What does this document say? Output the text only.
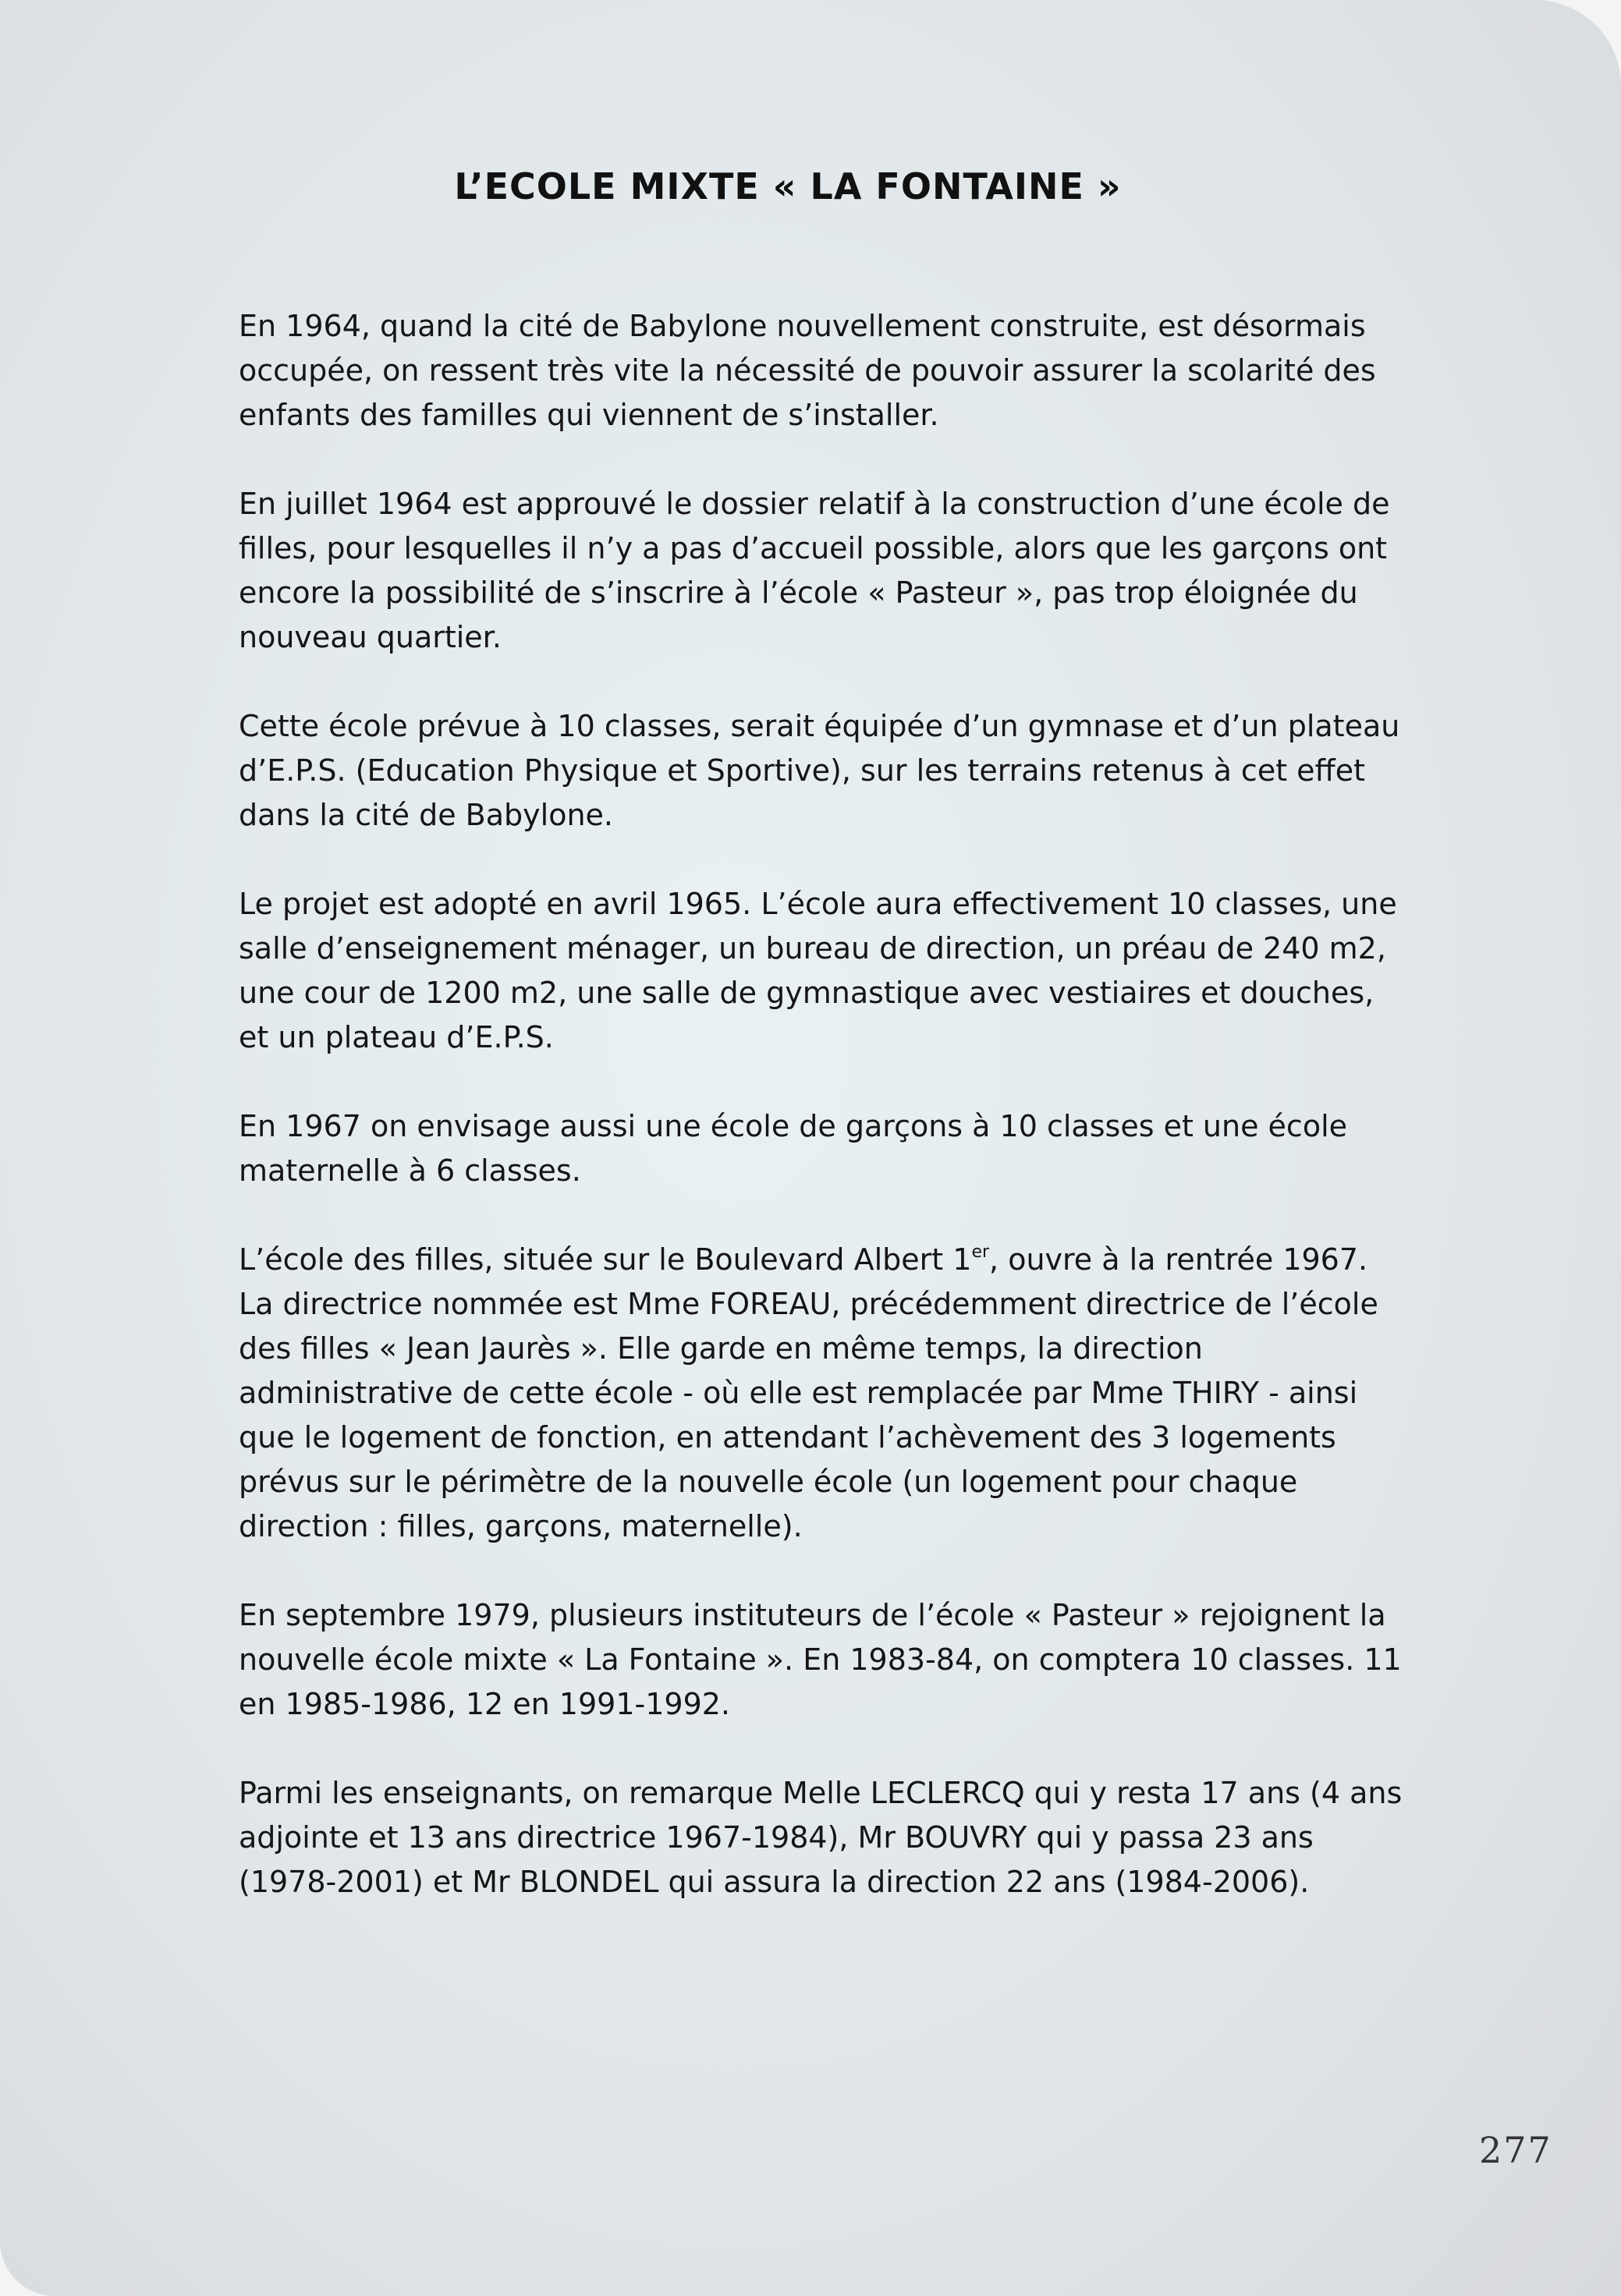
L’ECOLE MIXTE « LA FONTAINE »

En 1964, quand la cité de Babylone nouvellement construite, est désormais occupée, on ressent très vite la nécessité de pouvoir assurer la scolarité des enfants des familles qui viennent de s’installer.

En juillet 1964 est approuvé le dossier relatif à la construction d’une école de filles, pour lesquelles il n’y a pas d’accueil possible, alors que les garçons ont encore la possibilité de s’inscrire à l’école « Pasteur », pas trop éloignée du nouveau quartier.

Cette école prévue à 10 classes, serait équipée d’un gymnase et d’un plateau d’E.P.S. (Education Physique et Sportive), sur les terrains retenus à cet effet dans la cité de Babylone.

Le projet est adopté en avril 1965. L’école aura effectivement 10 classes, une salle d’enseignement ménager, un bureau de direction, un préau de 240 m2, une cour de 1200 m2, une salle de gymnastique avec vestiaires et douches, et un plateau d’E.P.S.

En 1967 on envisage aussi une école de garçons à 10 classes et une école maternelle à 6 classes.

L’école des filles, située sur le Boulevard Albert 1er, ouvre à la rentrée 1967. La directrice nommée est Mme FOREAU, précédemment directrice de l’école des filles « Jean Jaurès ». Elle garde en même temps, la direction administrative de cette école - où elle est remplacée par Mme THIRY - ainsi que le logement de fonction, en attendant l’achèvement des 3 logements prévus sur le périmètre de la nouvelle école (un logement pour chaque direction : filles, garçons, maternelle).

En septembre 1979, plusieurs instituteurs de l’école « Pasteur » rejoignent la nouvelle école mixte « La Fontaine ». En 1983-84, on comptera 10 classes. 11 en 1985-1986, 12 en 1991-1992.

Parmi les enseignants, on remarque Melle LECLERCQ qui y resta 17 ans (4 ans adjointe et 13 ans directrice 1967-1984), Mr BOUVRY qui y passa 23 ans (1978-2001) et Mr BLONDEL qui assura la direction 22 ans (1984-2006).

277
